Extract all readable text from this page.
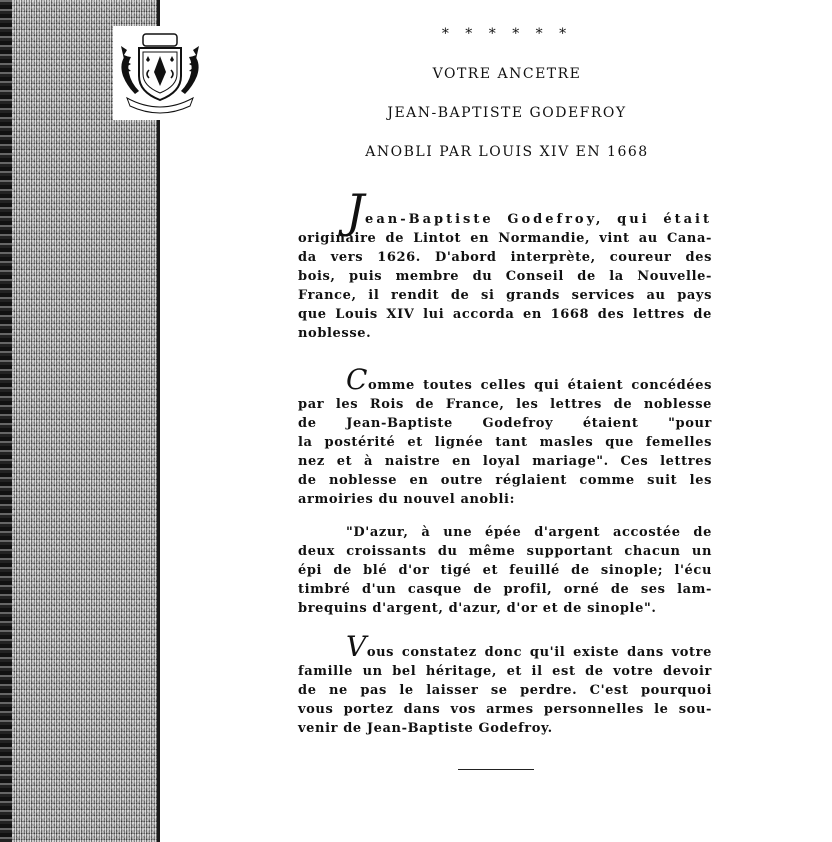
* * * * * *
VOTRE ANCETRE
JEAN-BAPTISTE GODEFROY
ANOBLI PAR LOUIS XIV EN 1668
Jean-Baptiste Godefroy, qui était
originaire de Lintot en Normandie, vint au Cana-
da vers 1626. D'abord interprète, coureur des
bois, puis membre du Conseil de la Nouvelle-
France, il rendit de si grands services au pays
que Louis XIV lui accorda en 1668 des lettres de
noblesse.
Comme toutes celles qui étaient concédées
par les Rois de France, les lettres de noblesse
de Jean-Baptiste Godefroy étaient "pour
la postérité et lignée tant masles que femelles
nez et à naistre en loyal mariage". Ces lettres
de noblesse en outre réglaient comme suit les
armoiries du nouvel anobli:
"D'azur, à une épée d'argent accostée de
deux croissants du même supportant chacun un
épi de blé d'or tigé et feuillé de sinople; l'écu
timbré d'un casque de profil, orné de ses lam-
brequins d'argent, d'azur, d'or et de sinople".
Vous constatez donc qu'il existe dans votre
famille un bel héritage, et il est de votre devoir
de ne pas le laisser se perdre. C'est pourquoi
vous portez dans vos armes personnelles le sou-
venir de Jean-Baptiste Godefroy.
